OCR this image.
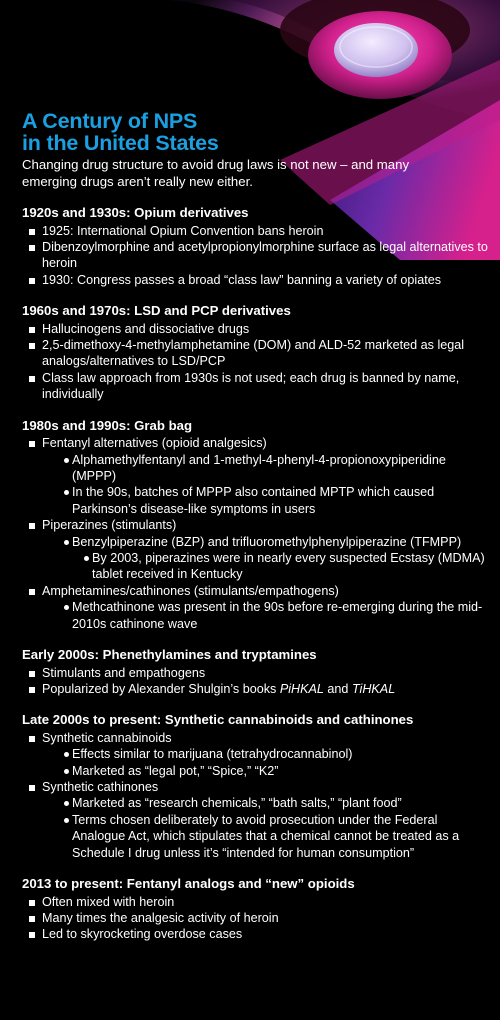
A Century of NPS
in the United States

Changing drug structure to avoid drug laws is not new – and many emerging drugs aren’t really new either.

1920s and 1930s: Opium derivatives
1925: International Opium Convention bans heroin
Dibenzoylmorphine and acetylpropionylmorphine surface as legal alternatives to heroin
1930: Congress passes a broad “class law” banning a variety of opiates
1960s and 1970s: LSD and PCP derivatives
Hallucinogens and dissociative drugs
2,5-dimethoxy-4-methylamphetamine (DOM) and ALD-52 marketed as legal analogs/alternatives to LSD/PCP
Class law approach from 1930s is not used; each drug is banned by name, individually
1980s and 1990s: Grab bag
Fentanyl alternatives (opioid analgesics)
Alphamethylfentanyl and 1-methyl-4-phenyl-4-propionoxypiperidine (MPPP)
In the 90s, batches of MPPP also contained MPTP which caused Parkinson’s disease-like symptoms in users
Piperazines (stimulants)
Benzylpiperazine (BZP) and trifluoromethylphenylpiperazine (TFMPP)
By 2003, piperazines were in nearly every suspected Ecstasy (MDMA) tablet received in Kentucky
Amphetamines/cathinones (stimulants/empathogens)
Methcathinone was present in the 90s before re-emerging during the mid-2010s cathinone wave
Early 2000s: Phenethylamines and tryptamines
Stimulants and empathogens
Popularized by Alexander Shulgin’s books PiHKAL and TiHKAL
Late 2000s to present: Synthetic cannabinoids and cathinones
Synthetic cannabinoids
Effects similar to marijuana (tetrahydrocannabinol)
Marketed as “legal pot,” “Spice,” “K2”
Synthetic cathinones
Marketed as “research chemicals,” “bath salts,” “plant food”
Terms chosen deliberately to avoid prosecution under the Federal Analogue Act, which stipulates that a chemical cannot be treated as a Schedule I drug unless it’s “intended for human consumption”
2013 to present: Fentanyl analogs and “new” opioids
Often mixed with heroin
Many times the analgesic activity of heroin
Led to skyrocketing overdose cases
